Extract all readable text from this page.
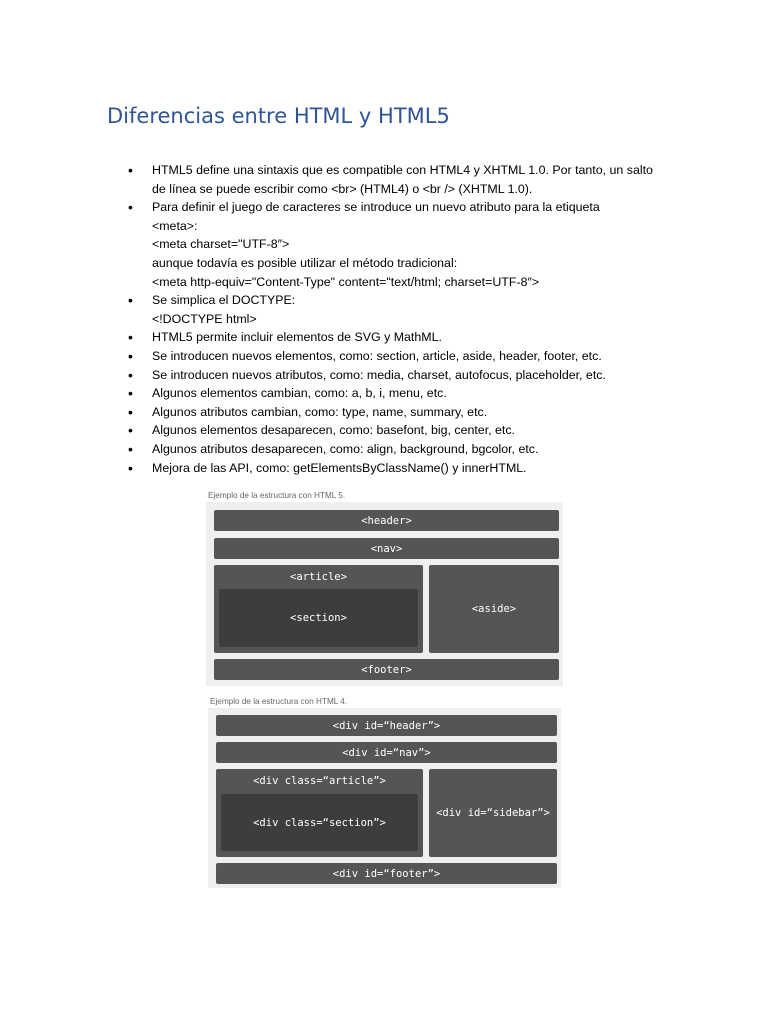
Diferencias entre HTML y HTML5
• HTML5 define una sintaxis que es compatible con HTML4 y XHTML 1.0. Por tanto, un salto
de línea se puede escribir como <br> (HTML4) o <br /> (XHTML 1.0).
• Para definir el juego de caracteres se introduce un nuevo atributo para la etiqueta
<meta>:
<meta charset="UTF-8″>
aunque todavía es posible utilizar el método tradicional:
<meta http-equiv="Content-Type" content="text/html; charset=UTF-8″>
• Se simplica el DOCTYPE:
<!DOCTYPE html>
• HTML5 permite incluir elementos de SVG y MathML.
• Se introducen nuevos elementos, como: section, article, aside, header, footer, etc.
• Se introducen nuevos atributos, como: media, charset, autofocus, placeholder, etc.
• Algunos elementos cambian, como: a, b, i, menu, etc.
• Algunos atributos cambian, como: type, name, summary, etc.
• Algunos elementos desaparecen, como: basefont, big, center, etc.
• Algunos atributos desaparecen, como: align, background, bgcolor, etc.
• Mejora de las API, como: getElementsByClassName() y innerHTML.
Ejemplo de la estructura con HTML 5.
<header>
<nav>
<article>
<section>
<aside>
<footer>
Ejemplo de la estructura con HTML 4.
<div id=“header”>
<div id=“nav”>
<div class=“article”>
<div class=“section”>
<div id=“sidebar”>
<div id=“footer”>
